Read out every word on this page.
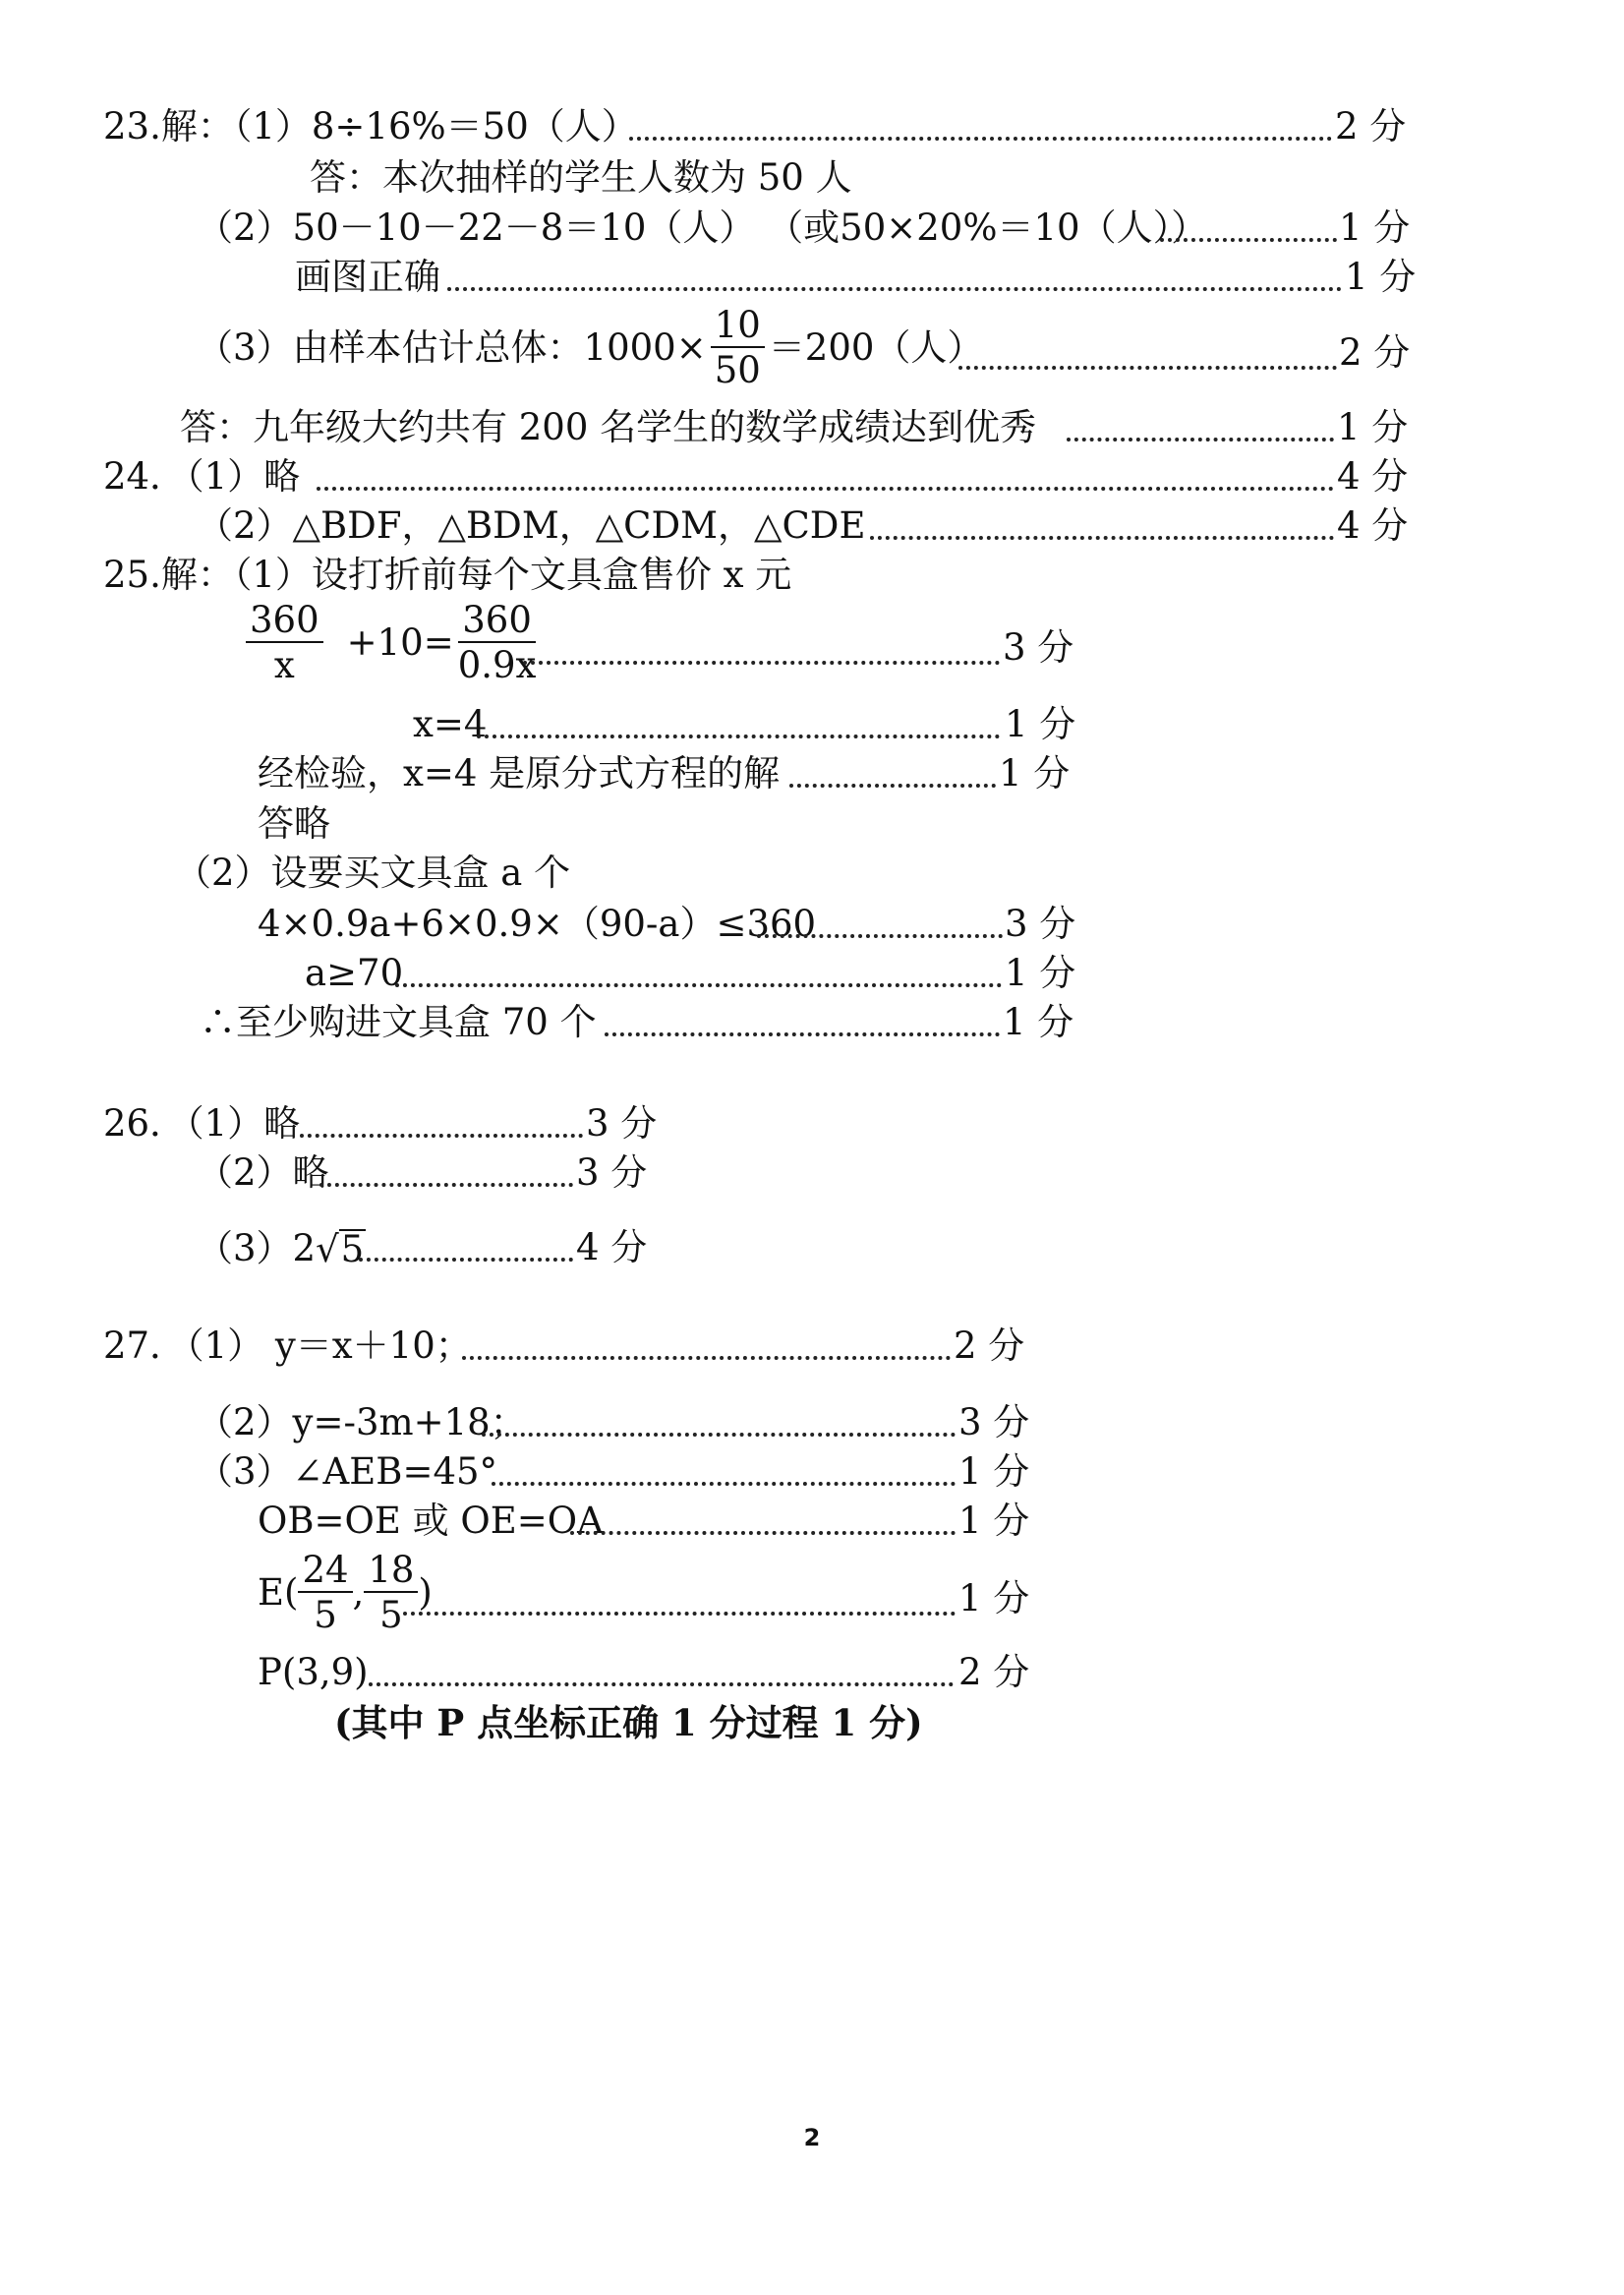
23.解：（1）8÷16%＝50（人）	2 分
答：本次抽样的学生人数为 50 人
（2）50－10－22－8＝10（人） （或50×20%＝10（人））	1 分
画图正确	1 分
（3）由样本估计总体：$1000\times \frac{10}{50} =200$（人）	2 分
答：九年级大约共有 200 名学生的数学成绩达到优秀	1 分
24．（1）略	4 分
（2）△BDF，△BDM，△CDM，△CDE	4 分
25.解：（1）设打折前每个文具盒售价 x 元
$\frac{360}{x} +10= \frac{360}{0.9x}$	3 分
x=4	1 分
经检验，x=4 是原分式方程的解	1 分
答略
（2）设要买文具盒 a 个
4×0.9a+6×0.9×（90-a）≤360	3 分
a≥70	1 分
∴至少购进文具盒 70 个	1 分
26．（1）略	3 分
（2）略	3 分
（3）2 √ 5	4 分
27．（1） y＝x＋10；	2 分
（2）y=-3m+18；	3 分
（3）∠AEB=45°	1 分
OB=OE 或 OE=OA	1 分
$E( \frac{24}{5}$ , $\frac{18}{5}$ )	1 分
P(3,9)	2 分
(其中 P 点坐标正确 1 分过程 1 分)
2
